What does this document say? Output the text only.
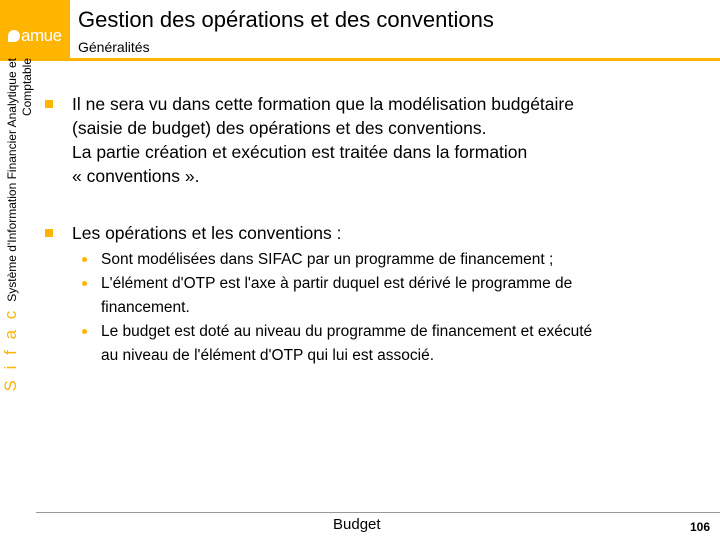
amue
Gestion des opérations et des conventions
Généralités
S i f a cSystème d'Information Financier Analytique et Comptable Il ne sera vu dans cette formation que la modélisation budgétaire
(saisie de budget) des opérations et des conventions.
La partie création et exécution est traitée dans la formation
« conventions ».
Les opérations et les conventions :
Sont modélisées dans SIFAC par un programme de financement ;
L'élément d'OTP est l'axe à partir duquel est dérivé le programme de
financement.
Le budget est doté au niveau du programme de financement et exécuté
au niveau de l'élément d'OTP qui lui est associé.
Budget	106
